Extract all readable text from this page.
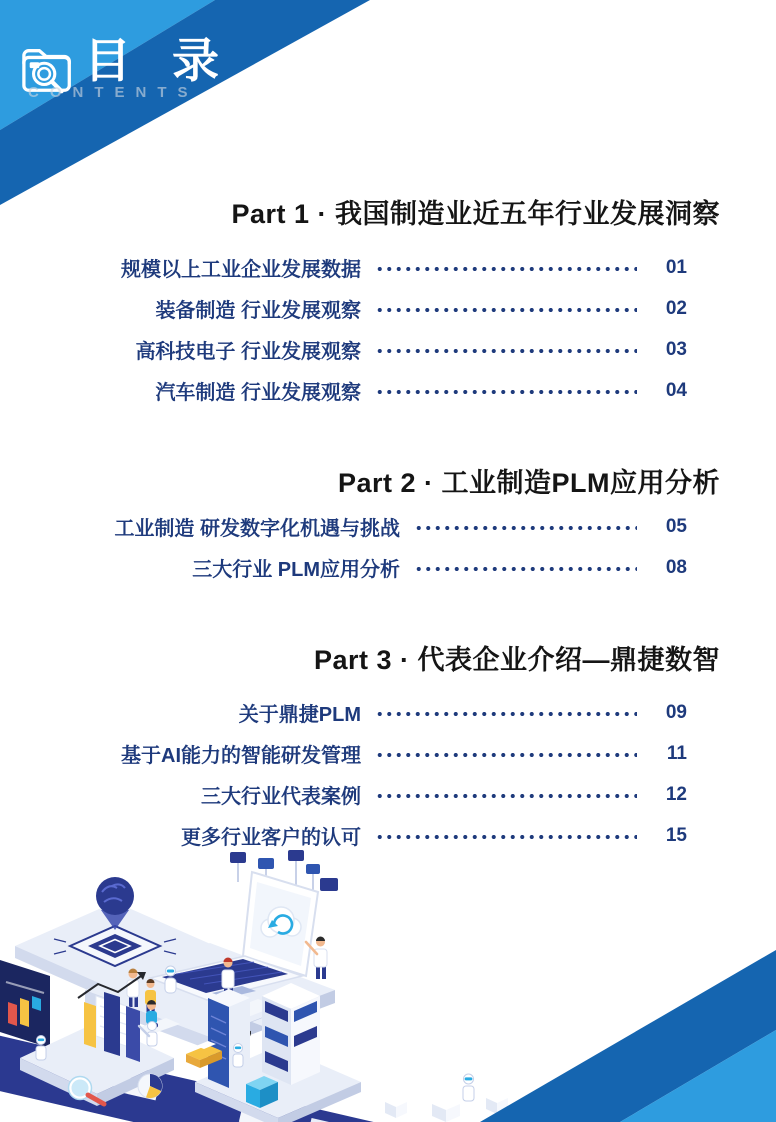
目 录
CONTENTS
Part 1 · 我国制造业近五年行业发展洞察
规模以上工业企业发展数据	01
装备制造 行业发展观察	02
高科技电子 行业发展观察	03
汽车制造 行业发展观察	04
Part 2 · 工业制造PLM应用分析
工业制造 研发数字化机遇与挑战	05
三大行业 PLM应用分析	08
Part 3 · 代表企业介绍—鼎捷数智
关于鼎捷PLM	09
基于AI能力的智能研发管理	11
三大行业代表案例	12
更多行业客户的认可	15
